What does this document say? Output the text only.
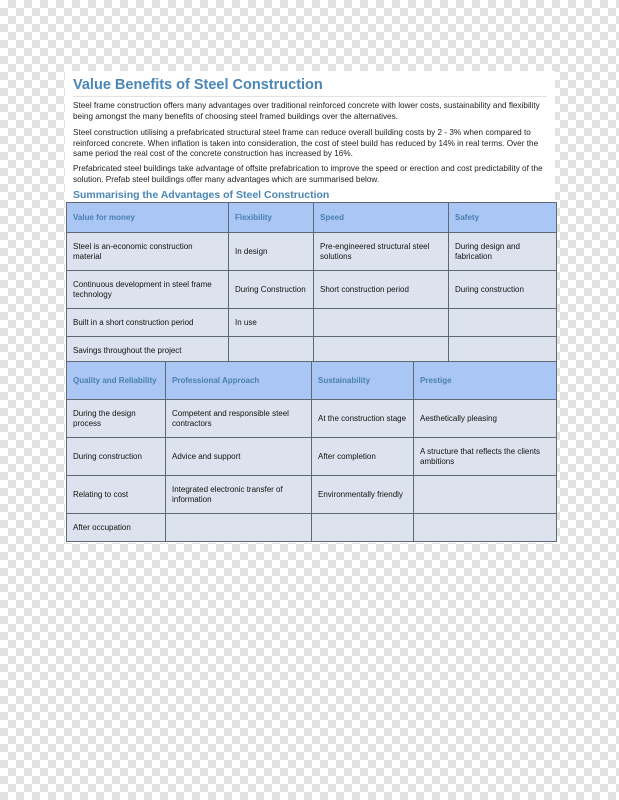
Value Benefits of Steel Construction

Steel frame construction offers many advantages over traditional reinforced concrete with lower costs, sustainability and flexibility being amongst the many benefits of choosing steel framed buildings over the alternatives.

Steel construction utilising a prefabricated structural steel frame can reduce overall building costs by 2 - 3% when compared to reinforced concrete. When inflation is taken into consideration, the cost of steel build has reduced by 14% in real terms. Over the same period the real cost of the concrete construction has increased by 16%.

Prefabricated steel buildings take advantage of offsite prefabrication to improve the speed or erection and cost predictability of the solution. Prefab steel buildings offer many advantages which are summarised below.

Summarising the Advantages of Steel Construction
Value for money	Flexibility	Speed	Safety
Steel is an-economic construction material	In design	Pre-engineered structural steel solutions	During design and fabrication
Continuous development in steel frame technology	During Construction	Short construction period	During construction
Built in a short construction period	In use		
Savings throughout the project			
Quality and Reliability	Professional Approach	Sustainability	Prestige
During the design process	Competent and responsible steel contractors	At the construction stage	Aesthetically pleasing
During construction	Advice and support	After completion	A structure that reflects the clients ambitions
Relating to cost	Integrated electronic transfer of information	Environmentally friendly	
After occupation			
